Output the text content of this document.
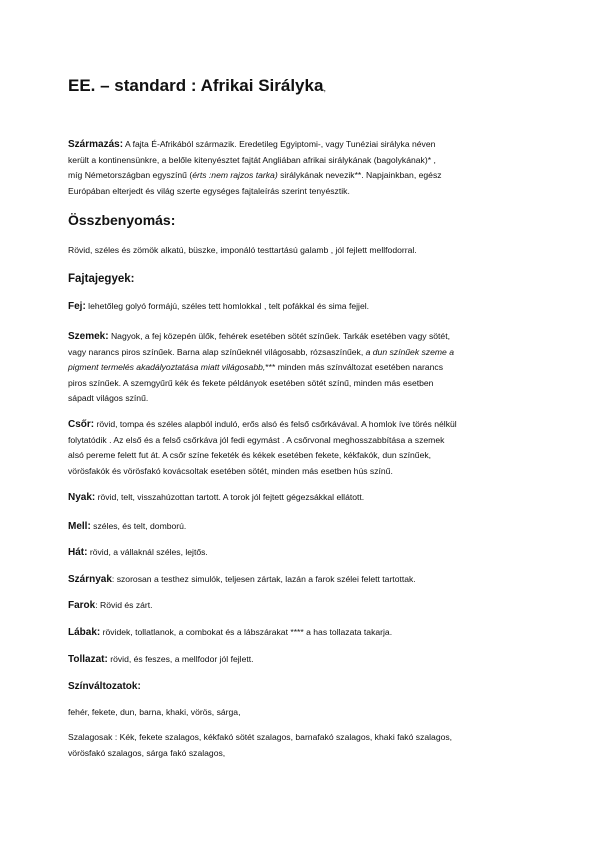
EE. – standard : Afrikai Sirályka,
Származás: A fajta É-Afrikából származik. Eredetileg Egyiptomi-, vagy Tunéziai sirályka néven
került a kontinensünkre, a belőle kitenyésztet fajtát Angliában afrikai sirálykának (bagolykának)* ,
míg Németországban egyszínű (érts :nem rajzos tarka) sirálykának nevezik**. Napjainkban, egész
Európában elterjedt és világ szerte egységes fajtaleírás szerint tenyésztik.
Összbenyomás:
Rövid, széles és zömök alkatú, büszke, imponáló testtartású galamb , jól fejlett mellfodorral.
Fajtajegyek:
Fej: lehetőleg golyó formájú, széles tett homlokkal , telt pofákkal és sima fejjel.
Szemek: Nagyok, a fej közepén ülők, fehérek esetében sötét színűek. Tarkák esetében vagy sötét,
vagy narancs piros színűek. Barna alap színűeknél világosabb, rózsaszínűek, a dun színűek szeme a
pigment termelés akadályoztatása miatt világosabb,*** minden más színváltozat esetében narancs
piros színűek. A szemgyűrű kék és fekete példányok esetében sötét színű, minden más esetben
sápadt világos színű.
Csőr: rövid, tompa és széles alapból induló, erős alsó és felső csőrkávával. A homlok íve törés nélkül
folytatódik . Az első és a felső csőrkáva jól fedi egymást . A csőrvonal meghosszabbítása a szemek
alsó pereme felett fut át. A csőr színe feketék és kékek esetében fekete, kékfakók, dun színűek,
vörösfakók és vörösfakó kovácsoltak esetében sötét, minden más esetben hús színű.
Nyak: rövid, telt, visszahúzottan tartott. A torok jól fejtett gégezsákkal ellátott.
Mell: széles, és telt, domború.
Hát: rövid, a vállaknál széles, lejtős.
Szárnyak: szorosan a testhez simulók, teljesen zártak, lazán a farok szélei felett tartottak.
Farok: Rövid és zárt.
Lábak: rövidek, tollatlanok, a combokat és a lábszárakat **** a has tollazata takarja.
Tollazat: rövid, és feszes, a mellfodor jól fejlett.
Színváltozatok:
fehér, fekete, dun, barna, khaki, vörös, sárga,
Szalagosak : Kék, fekete szalagos, kékfakó sötét szalagos, barnafakó szalagos, khaki fakó szalagos,
vörösfakó szalagos, sárga fakó szalagos,
